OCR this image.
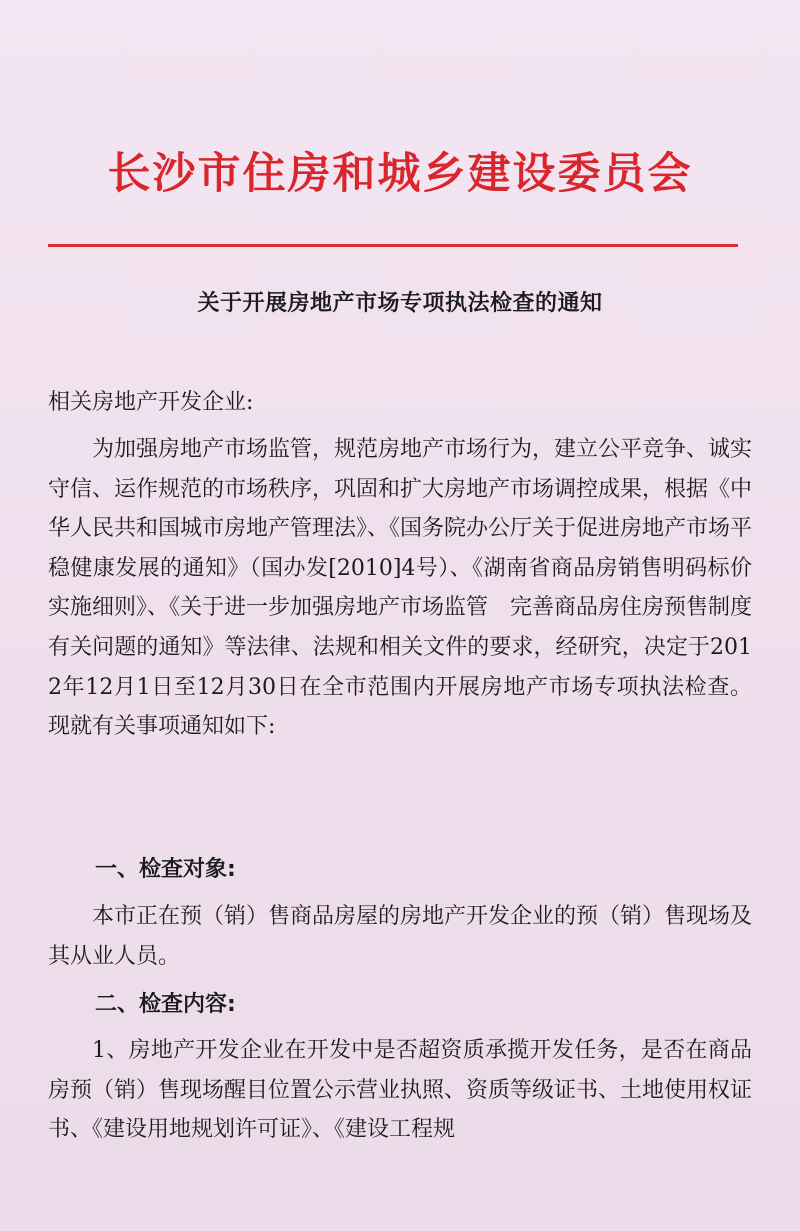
长沙市住房和城乡建设委员会
关于开展房地产市场专项执法检查的通知
相关房地产开发企业:
为加强房地产市场监管，规范房地产市场行为，建立公平竞争、诚实守信、运作规范的市场秩序，巩固和扩大房地产市场调控成果，根据《中华人民共和国城市房地产管理法》、《国务院办公厅关于促进房地产市场平稳健康发展的通知》（国办发[2010]4号）、《湖南省商品房销售明码标价实施细则》、《关于进一步加强房地产市场监管　完善商品房住房预售制度有关问题的通知》等法律、法规和相关文件的要求，经研究，决定于2012年12月1日至12月30日在全市范围内开展房地产市场专项执法检查。现就有关事项通知如下:
一、检查对象:
本市正在预（销）售商品房屋的房地产开发企业的预（销）售现场及其从业人员。
二、检查内容:
1、房地产开发企业在开发中是否超资质承揽开发任务，是否在商品房预（销）售现场醒目位置公示营业执照、资质等级证书、土地使用权证书、《建设用地规划许可证》、《建设工程规
